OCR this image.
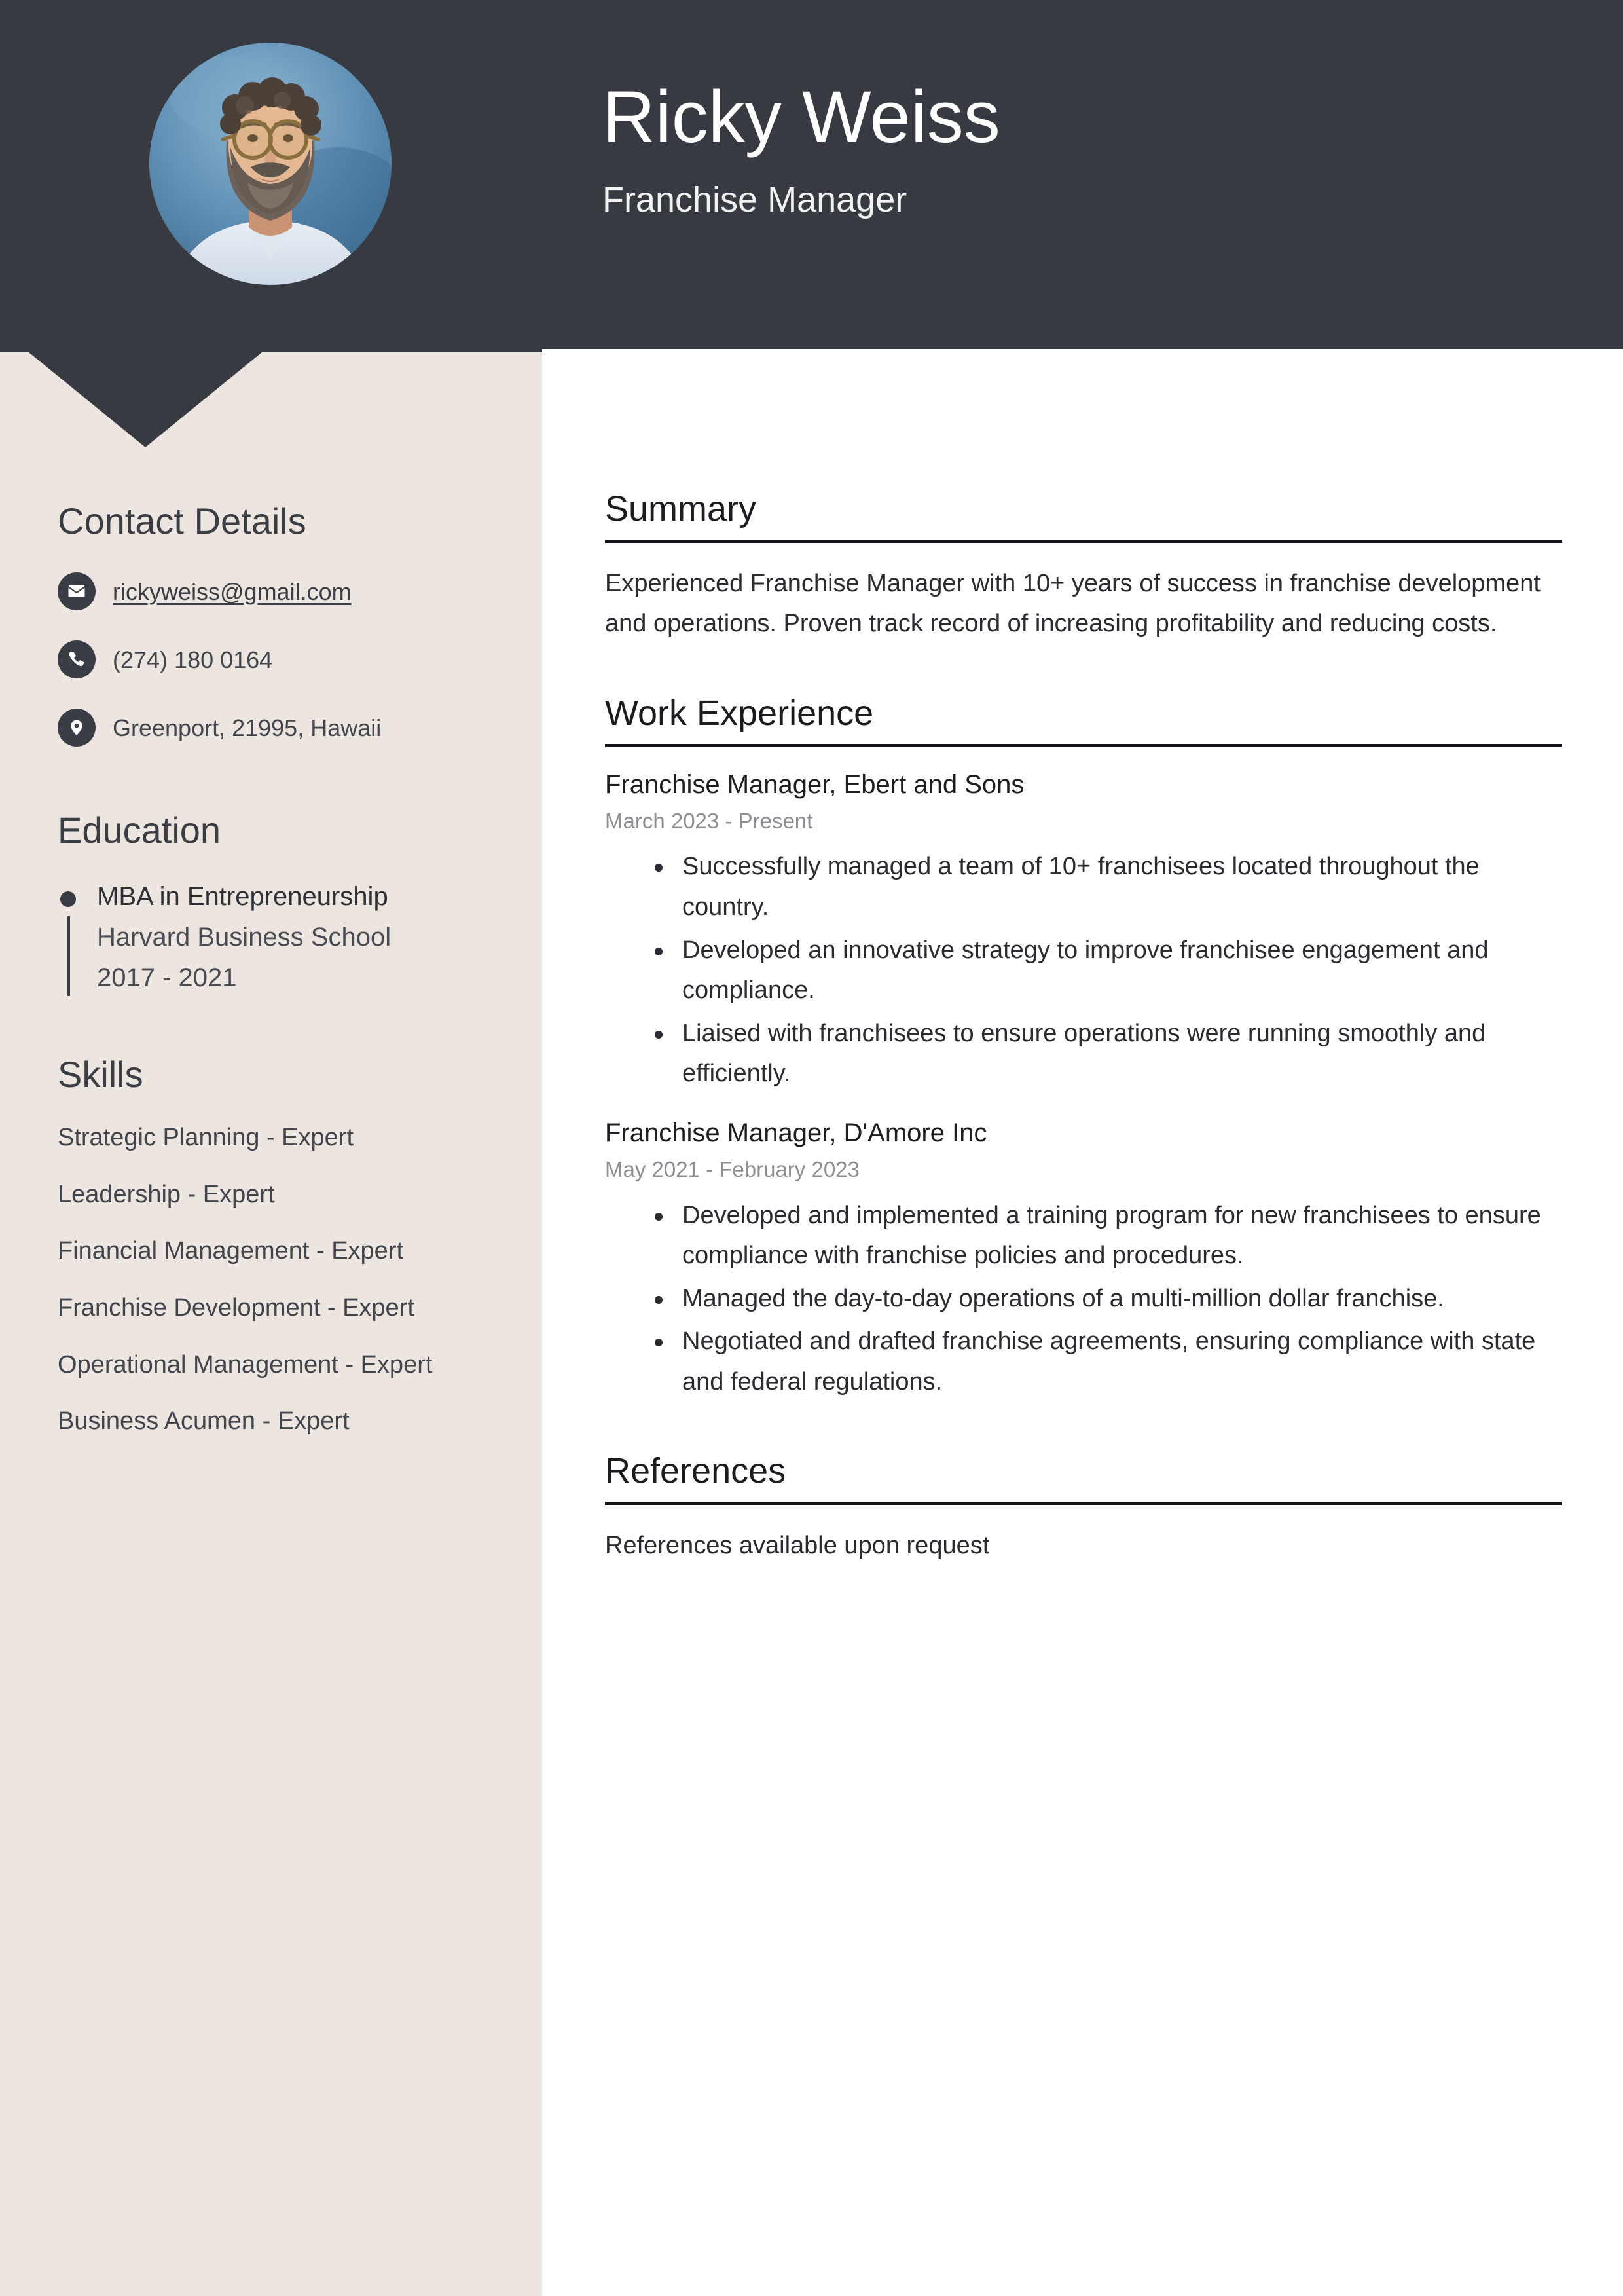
Ricky Weiss
Franchise Manager
Contact Details
rickyweiss@gmail.com
(274) 180 0164
Greenport, 21995, Hawaii
Education
MBA in Entrepreneurship
Harvard Business School
2017 - 2021
Skills
Strategic Planning - Expert
Leadership - Expert
Financial Management - Expert
Franchise Development - Expert
Operational Management - Expert
Business Acumen - Expert
Summary

Experienced Franchise Manager with 10+ years of success in franchise development and operations. Proven track record of increasing profitability and reducing costs.

Work Experience
Franchise Manager, Ebert and Sons
March 2023 - Present
Successfully managed a team of 10+ franchisees located throughout the country.
Developed an innovative strategy to improve franchisee engagement and compliance.
Liaised with franchisees to ensure operations were running smoothly and efficiently.
Franchise Manager, D'Amore Inc
May 2021 - February 2023
Developed and implemented a training program for new franchisees to ensure compliance with franchise policies and procedures.
Managed the day-to-day operations of a multi-million dollar franchise.
Negotiated and drafted franchise agreements, ensuring compliance with state and federal regulations.
References

References available upon request
